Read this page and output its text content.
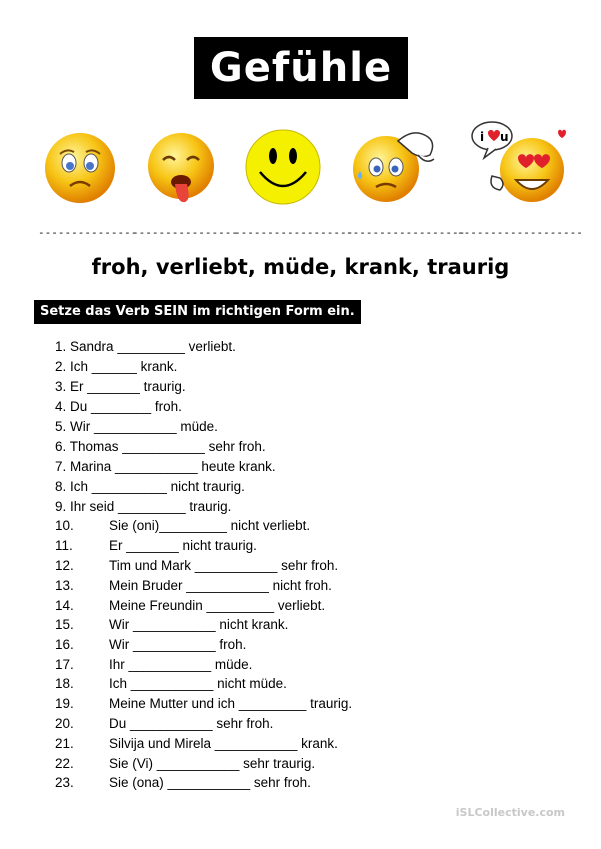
Gefühle
i u
---------------
----------------
------------------
------------------
-------------------
froh, verliebt, müde, krank, traurig
Setze das Verb SEIN im richtigen Form ein.
1. Sandra _________ verliebt.
2. Ich ______ krank.
3. Er _______ traurig.
4. Du ________ froh.
5. Wir ___________ müde.
6. Thomas ___________ sehr froh.
7. Marina ___________ heute krank.
8. Ich __________ nicht traurig.
9. Ihr seid _________ traurig.
10.	Sie (oni)_________ nicht verliebt.
11.	Er _______ nicht traurig.
12.	Tim und Mark ___________ sehr froh.
13.	Mein Bruder ___________ nicht froh.
14.	Meine Freundin _________ verliebt.
15.	Wir ___________ nicht krank.
16.	Wir ___________ froh.
17.	Ihr ___________ müde.
18.	Ich ___________ nicht müde.
19.	Meine Mutter und ich _________ traurig.
20.	Du ___________ sehr froh.
21.	Silvija und Mirela ___________ krank.
22.	Sie (Vi) ___________ sehr traurig.
23.	Sie (ona) ___________ sehr froh.
iSLCollective.com
